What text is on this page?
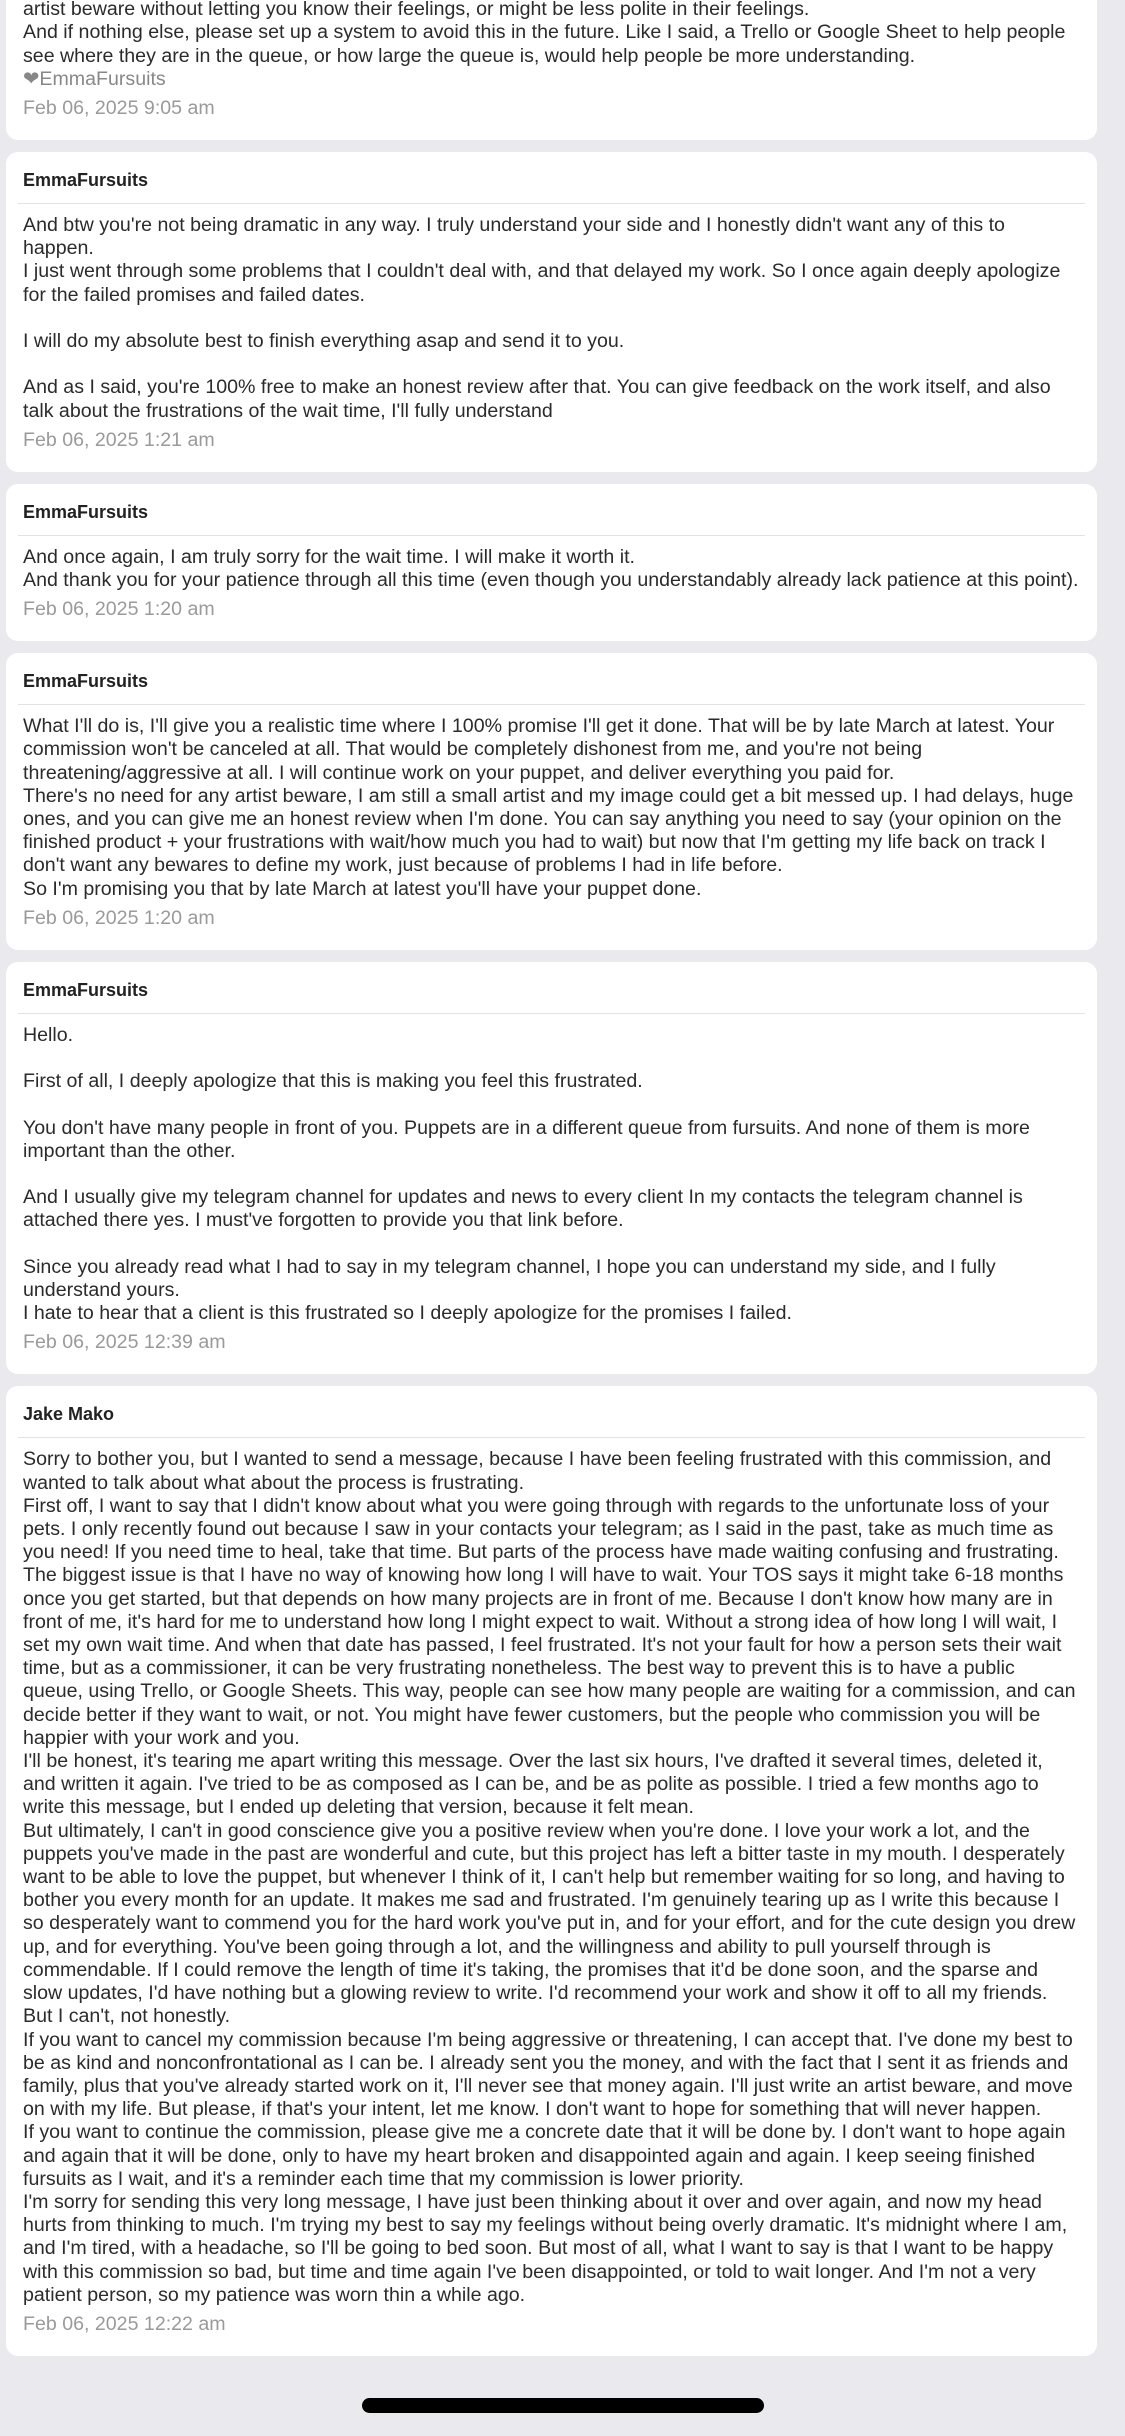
artist beware without letting you know their feelings, or might be less polite in their feelings.

And if nothing else, please set up a system to avoid this in the future. Like I said, a Trello or Google Sheet to help people see where they are in the queue, or how large the queue is, would help people be more understanding.

❤EmmaFursuits
Feb 06, 2025 9:05 am
EmmaFursuits

And btw you're not being dramatic in any way. I truly understand your side and I honestly didn't want any of this to happen.

I just went through some problems that I couldn't deal with, and that delayed my work. So I once again deeply apologize for the failed promises and failed dates.

I will do my absolute best to finish everything asap and send it to you.

And as I said, you're 100% free to make an honest review after that. You can give feedback on the work itself, and also talk about the frustrations of the wait time, I'll fully understand

Feb 06, 2025 1:21 am
EmmaFursuits

And once again, I am truly sorry for the wait time. I will make it worth it.

And thank you for your patience through all this time (even though you understandably already lack patience at this point).

Feb 06, 2025 1:20 am
EmmaFursuits

What I'll do is, I'll give you a realistic time where I 100% promise I'll get it done. That will be by late March at latest. Your commission won't be canceled at all. That would be completely dishonest from me, and you're not being threatening/aggressive at all. I will continue work on your puppet, and deliver everything you paid for.

There's no need for any artist beware, I am still a small artist and my image could get a bit messed up. I had delays, huge ones, and you can give me an honest review when I'm done. You can say anything you need to say (your opinion on the finished product + your frustrations with wait/how much you had to wait) but now that I'm getting my life back on track I don't want any bewares to define my work, just because of problems I had in life before.

So I'm promising you that by late March at latest you'll have your puppet done.

Feb 06, 2025 1:20 am
EmmaFursuits

Hello.

First of all, I deeply apologize that this is making you feel this frustrated.

You don't have many people in front of you. Puppets are in a different queue from fursuits. And none of them is more important than the other.

And I usually give my telegram channel for updates and news to every client In my contacts the telegram channel is attached there yes. I must've forgotten to provide you that link before.

Since you already read what I had to say in my telegram channel, I hope you can understand my side, and I fully understand yours.

I hate to hear that a client is this frustrated so I deeply apologize for the promises I failed.

Feb 06, 2025 12:39 am
Jake Mako

Sorry to bother you, but I wanted to send a message, because I have been feeling frustrated with this commission, and wanted to talk about what about the process is frustrating.

First off, I want to say that I didn't know about what you were going through with regards to the unfortunate loss of your pets. I only recently found out because I saw in your contacts your telegram; as I said in the past, take as much time as you need! If you need time to heal, take that time. But parts of the process have made waiting confusing and frustrating.

The biggest issue is that I have no way of knowing how long I will have to wait. Your TOS says it might take 6-18 months once you get started, but that depends on how many projects are in front of me. Because I don't know how many are in front of me, it's hard for me to understand how long I might expect to wait. Without a strong idea of how long I will wait, I set my own wait time. And when that date has passed, I feel frustrated. It's not your fault for how a person sets their wait time, but as a commissioner, it can be very frustrating nonetheless. The best way to prevent this is to have a public queue, using Trello, or Google Sheets. This way, people can see how many people are waiting for a commission, and can decide better if they want to wait, or not. You might have fewer customers, but the people who commission you will be happier with your work and you.

I'll be honest, it's tearing me apart writing this message. Over the last six hours, I've drafted it several times, deleted it, and written it again. I've tried to be as composed as I can be, and be as polite as possible. I tried a few months ago to write this message, but I ended up deleting that version, because it felt mean.

But ultimately, I can't in good conscience give you a positive review when you're done. I love your work a lot, and the puppets you've made in the past are wonderful and cute, but this project has left a bitter taste in my mouth. I desperately want to be able to love the puppet, but whenever I think of it, I can't help but remember waiting for so long, and having to bother you every month for an update. It makes me sad and frustrated. I'm genuinely tearing up as I write this because I so desperately want to commend you for the hard work you've put in, and for your effort, and for the cute design you drew up, and for everything. You've been going through a lot, and the willingness and ability to pull yourself through is commendable. If I could remove the length of time it's taking, the promises that it'd be done soon, and the sparse and slow updates, I'd have nothing but a glowing review to write. I'd recommend your work and show it off to all my friends. But I can't, not honestly.

If you want to cancel my commission because I'm being aggressive or threatening, I can accept that. I've done my best to be as kind and nonconfrontational as I can be. I already sent you the money, and with the fact that I sent it as friends and family, plus that you've already started work on it, I'll never see that money again. I'll just write an artist beware, and move on with my life. But please, if that's your intent, let me know. I don't want to hope for something that will never happen.

If you want to continue the commission, please give me a concrete date that it will be done by. I don't want to hope again and again that it will be done, only to have my heart broken and disappointed again and again. I keep seeing finished fursuits as I wait, and it's a reminder each time that my commission is lower priority.

I'm sorry for sending this very long message, I have just been thinking about it over and over again, and now my head hurts from thinking to much. I'm trying my best to say my feelings without being overly dramatic. It's midnight where I am, and I'm tired, with a headache, so I'll be going to bed soon. But most of all, what I want to say is that I want to be happy with this commission so bad, but time and time again I've been disappointed, or told to wait longer. And I'm not a very patient person, so my patience was worn thin a while ago.

Feb 06, 2025 12:22 am
